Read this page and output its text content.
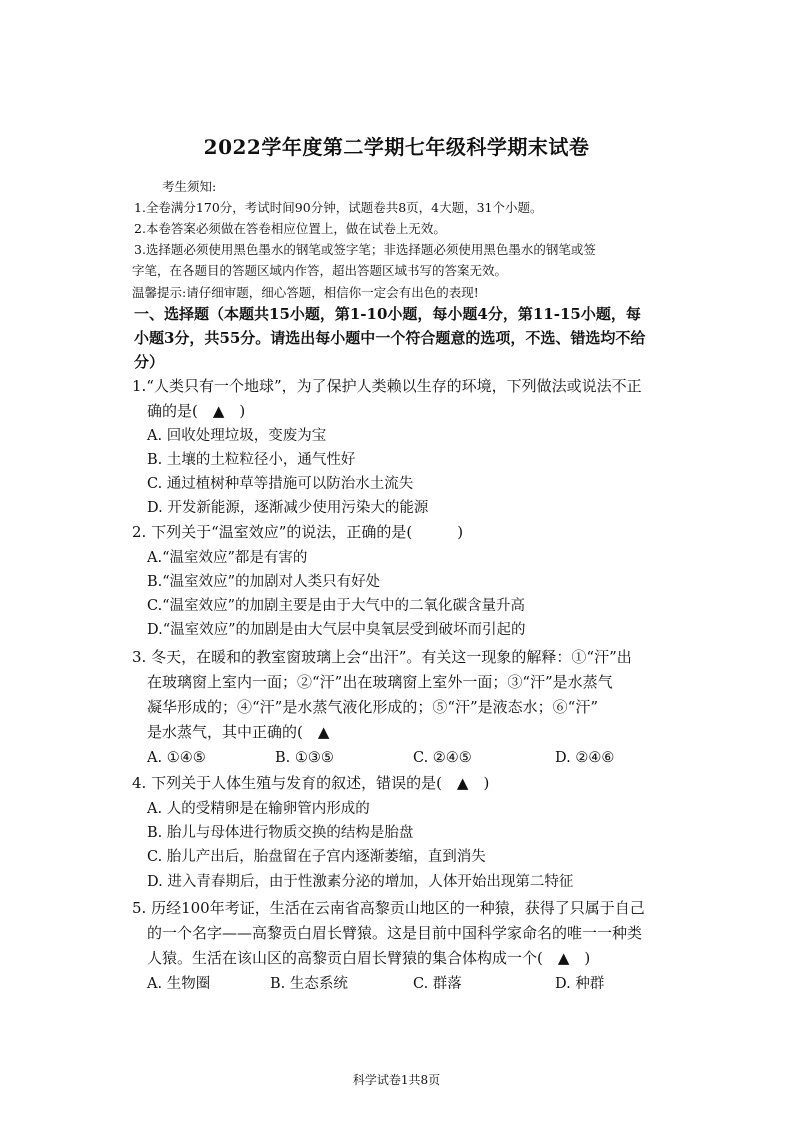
2022学年度第二学期七年级科学期末试卷
考生须知:
1.全卷满分170分，考试时间90分钟，试题卷共8页，4大题，31个小题。
2.本卷答案必须做在答卷相应位置上，做在试卷上无效。
3.选择题必须使用黑色墨水的钢笔或签字笔；非选择题必须使用黑色墨水的钢笔或签
字笔，在各题目的答题区域内作答，超出答题区域书写的答案无效。
温馨提示:请仔细审题，细心答题，相信你一定会有出色的表现!
一、选择题（本题共15小题，第1-10小题，每小题4分，第11-15小题，每
小题3分，共55分。请选出每小题中一个符合题意的选项，不选、错选均不给
分）
1.“人类只有一个地球”，为了保护人类赖以生存的环境，下列做法或说法不正
确的是(　▲　)
A. 回收处理垃圾，变废为宝
B. 土壤的土粒粒径小，通气性好
C. 通过植树种草等措施可以防治水土流失
D. 开发新能源，逐渐减少使用污染大的能源
2. 下列关于“温室效应”的说法，正确的是(　　　)
A.“温室效应”都是有害的
B.“温室效应”的加剧对人类只有好处
C.“温室效应”的加剧主要是由于大气中的二氧化碳含量升高
D.“温室效应”的加剧是由大气层中臭氧层受到破坏而引起的
3. 冬天，在暖和的教室窗玻璃上会“出汗”。有关这一现象的解释：①“汗”出
在玻璃窗上室内一面；②“汗”出在玻璃窗上室外一面；③“汗”是水蒸气
凝华形成的；④“汗”是水蒸气液化形成的；⑤“汗”是液态水；⑥“汗”
是水蒸气，其中正确的(　▲
A. ①④⑤	B. ①③⑤	C. ②④⑤	D. ②④⑥
4. 下列关于人体生殖与发育的叙述，错误的是(　▲　)
A. 人的受精卵是在输卵管内形成的
B. 胎儿与母体进行物质交换的结构是胎盘
C. 胎儿产出后，胎盘留在子宫内逐渐萎缩，直到消失
D. 进入青春期后，由于性激素分泌的增加，人体开始出现第二特征
5. 历经100年考证，生活在云南省高黎贡山地区的一种猿，获得了只属于自己
的一个名字——高黎贡白眉长臂猿。这是目前中国科学家命名的唯一一种类
人猿。生活在该山区的高黎贡白眉长臂猿的集合体构成一个(　▲　)
A. 生物圈	B. 生态系统	C. 群落	D. 种群
科学试卷1共8页
